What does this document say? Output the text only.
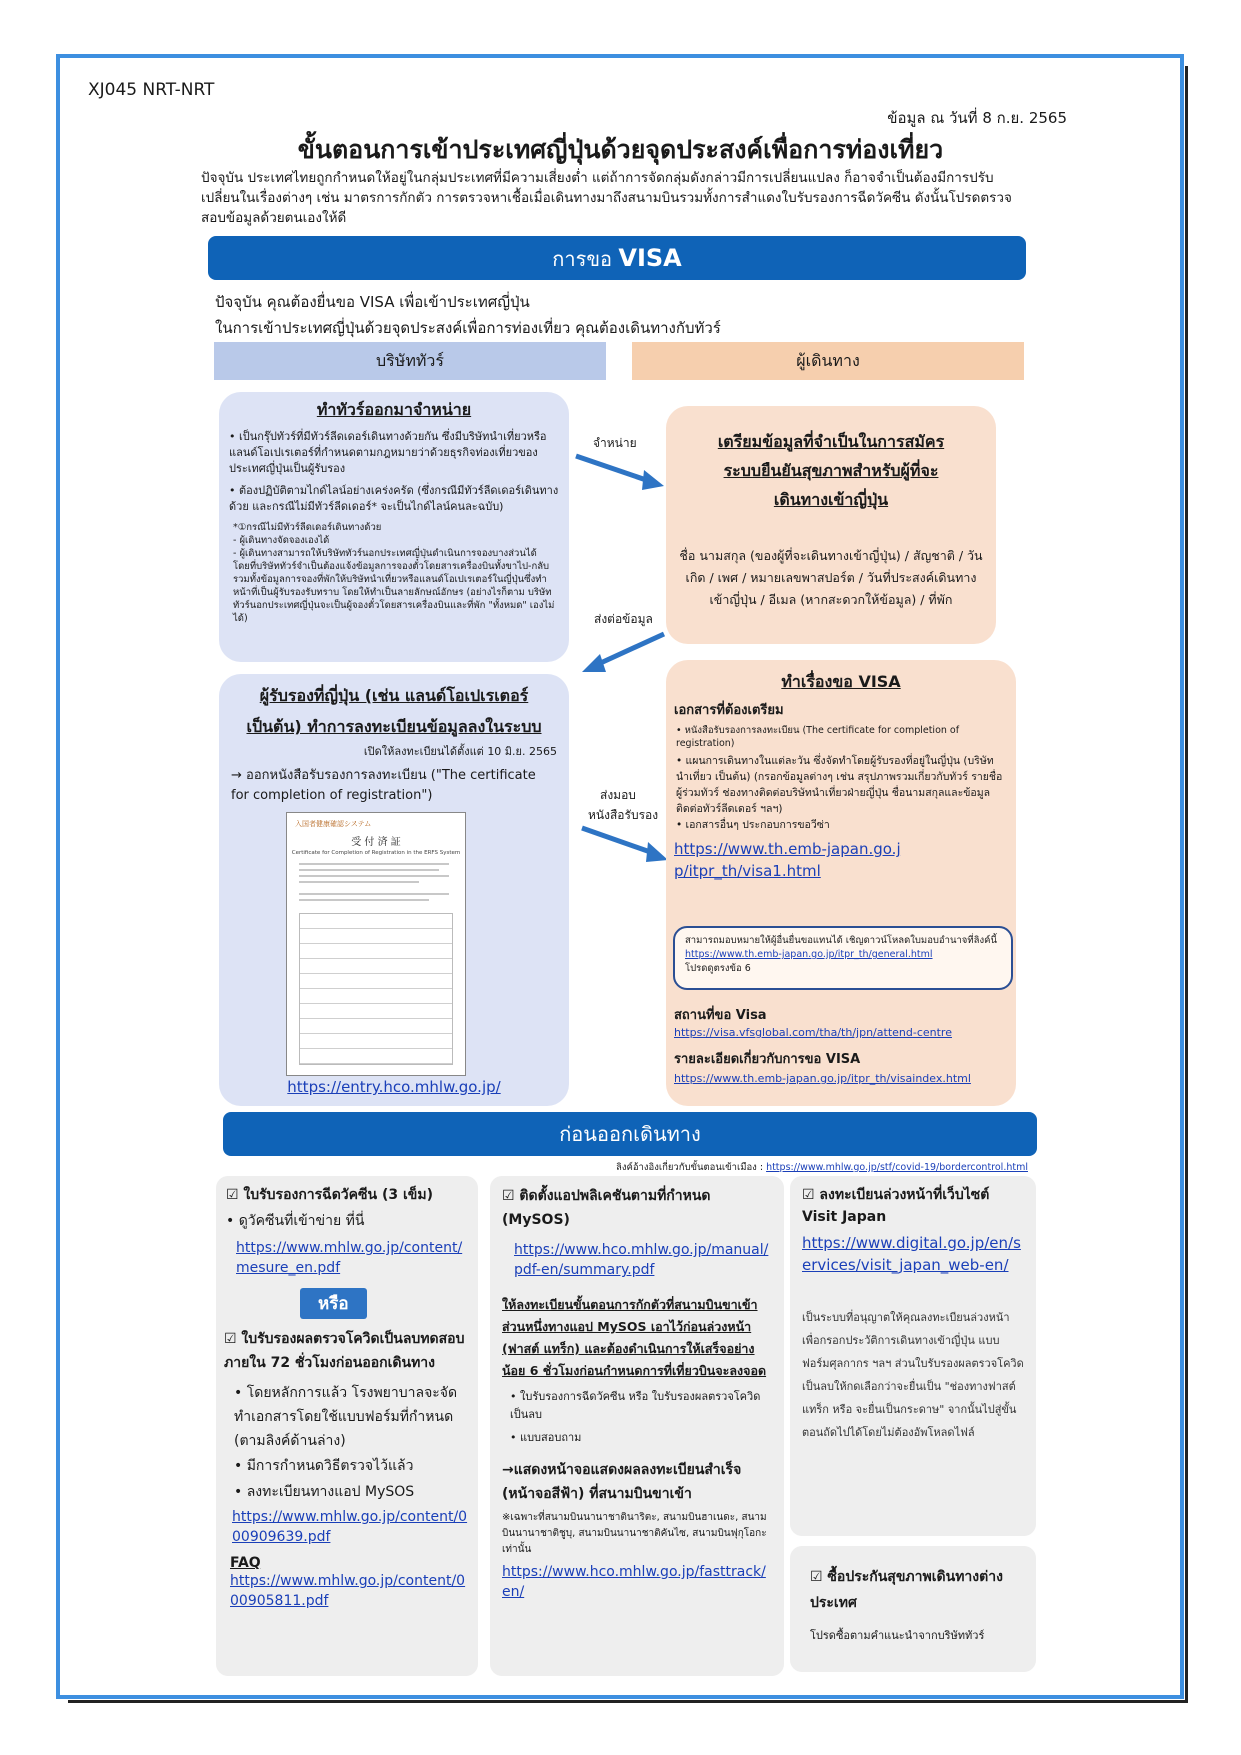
XJ045 NRT-NRT
ข้อมูล ณ วันที่ 8 ก.ย. 2565
ขั้นตอนการเข้าประเทศญี่ปุ่นด้วยจุดประสงค์เพื่อการท่องเที่ยว
ปัจจุบัน ประเทศไทยถูกกำหนดให้อยู่ในกลุ่มประเทศที่มีความเสี่ยงต่ำ แต่ถ้าการจัดกลุ่มดังกล่าวมีการเปลี่ยนแปลง ก็อาจจำเป็นต้องมีการปรับเปลี่ยนในเรื่องต่างๆ เช่น มาตรการกักตัว การตรวจหาเชื้อเมื่อเดินทางมาถึงสนามบินรวมทั้งการสำแดงใบรับรองการฉีดวัคซีน ดังนั้นโปรดตรวจสอบข้อมูลด้วยตนเองให้ดี
การขอ VISA
ปัจจุบัน คุณต้องยื่นขอ VISA เพื่อเข้าประเทศญี่ปุ่น
ในการเข้าประเทศญี่ปุ่นด้วยจุดประสงค์เพื่อการท่องเที่ยว คุณต้องเดินทางกับทัวร์
บริษัททัวร์	ผู้เดินทาง
ทำทัวร์ออกมาจำหน่าย
• เป็นกรุ๊ปทัวร์ที่มีทัวร์ลีดเดอร์เดินทางด้วยกัน ซึ่งมีบริษัทนำเที่ยวหรือแลนด์โอเปเรเตอร์ที่กำหนดตามกฎหมายว่าด้วยธุรกิจท่องเที่ยวของประเทศญี่ปุ่นเป็นผู้รับรอง
• ต้องปฏิบัติตามไกด์ไลน์อย่างเคร่งครัด (ซึ่งกรณีมีทัวร์ลีดเดอร์เดินทางด้วย และกรณีไม่มีทัวร์ลีดเดอร์* จะเป็นไกด์ไลน์คนละฉบับ)
*①กรณีไม่มีทัวร์ลีดเดอร์เดินทางด้วย
- ผู้เดินทางจัดจองเองได้
- ผู้เดินทางสามารถให้บริษัททัวร์นอกประเทศญี่ปุ่นดำเนินการจองบางส่วนได้ โดยที่บริษัททัวร์จำเป็นต้องแจ้งข้อมูลการจองตั๋วโดยสารเครื่องบินทั้งขาไป-กลับรวมทั้งข้อมูลการจองที่พักให้บริษัทนำเที่ยวหรือแลนด์โอเปเรเตอร์ในญี่ปุ่นซึ่งทำหน้าที่เป็นผู้รับรองรับทราบ โดยให้ทำเป็นลายลักษณ์อักษร (อย่างไรก็ตาม บริษัททัวร์นอกประเทศญี่ปุ่นจะเป็นผู้จองตั๋วโดยสารเครื่องบินและที่พัก "ทั้งหมด" เองไม่ได้)
จำหน่าย
ส่งต่อข้อมูล
ส่งมอบ
หนังสือรับรอง
เตรียมข้อมูลที่จำเป็นในการสมัคร
ระบบยืนยันสุขภาพสำหรับผู้ที่จะ
เดินทางเข้าญี่ปุ่น
ชื่อ นามสกุล (ของผู้ที่จะเดินทางเข้าญี่ปุ่น) / สัญชาติ / วันเกิด / เพศ / หมายเลขพาสปอร์ต / วันที่ประสงค์เดินทางเข้าญี่ปุ่น / อีเมล (หากสะดวกให้ข้อมูล) / ที่พัก
ผู้รับรองที่ญี่ปุ่น (เช่น แลนด์โอเปเรเตอร์
เป็นต้น) ทำการลงทะเบียนข้อมูลลงในระบบ
เปิดให้ลงทะเบียนได้ตั้งแต่ 10 มิ.ย. 2565
→ ออกหนังสือรับรองการลงทะเบียน ("The certificate for completion of registration")
https://entry.hco.mhlw.go.jp/
入国者健康確認システム
受 付 済 証
Certificate for Completion of Registration in the ERFS System
ทำเรื่องขอ VISA
เอกสารที่ต้องเตรียม
• หนังสือรับรองการลงทะเบียน (The certificate for completion of registration)
• แผนการเดินทางในแต่ละวัน ซึ่งจัดทำโดยผู้รับรองที่อยู่ในญี่ปุ่น (บริษัทนำเที่ยว เป็นต้น) (กรอกข้อมูลต่างๆ เช่น สรุปภาพรวมเกี่ยวกับทัวร์ รายชื่อผู้ร่วมทัวร์ ช่องทางติดต่อบริษัทนำเที่ยวฝ่ายญี่ปุ่น ชื่อนามสกุลและข้อมูลติดต่อทัวร์ลีดเดอร์ ฯลฯ)
• เอกสารอื่นๆ ประกอบการขอวีซ่า
https://www.th.emb-japan.go.jp/itpr_th/visa1.html
สถานที่ขอ Visa
https://visa.vfsglobal.com/tha/th/jpn/attend-centre
รายละเอียดเกี่ยวกับการขอ VISA
https://www.th.emb-japan.go.jp/itpr_th/visaindex.html
สามารถมอบหมายให้ผู้อื่นยื่นขอแทนได้ เชิญดาวน์โหลดใบมอบอำนาจที่ลิงค์นี้
https://www.th.emb-japan.go.jp/itpr_th/general.html
โปรดดูตรงข้อ 6
ก่อนออกเดินทาง
ลิงค์อ้างอิงเกี่ยวกับขั้นตอนเข้าเมือง : https://www.mhlw.go.jp/stf/covid-19/bordercontrol.html
☑ ใบรับรองการฉีดวัคซีน (3 เข็ม)
• ดูวัคซีนที่เข้าข่าย ที่นี่
https://www.mhlw.go.jp/content/mesure_en.pdf
หรือ
☑ ใบรับรองผลตรวจโควิดเป็นลบทดสอบภายใน 72 ชั่วโมงก่อนออกเดินทาง
• โดยหลักการแล้ว โรงพยาบาลจะจัดทำเอกสารโดยใช้แบบฟอร์มที่กำหนด (ตามลิงค์ด้านล่าง)
• มีการกำหนดวิธีตรวจไว้แล้ว
• ลงทะเบียนทางแอป MySOS
https://www.mhlw.go.jp/content/000909639.pdf
FAQ
https://www.mhlw.go.jp/content/000905811.pdf
☑ ติดตั้งแอปพลิเคชันตามที่กำหนด (MySOS)
https://www.hco.mhlw.go.jp/manual/pdf-en/summary.pdf
ให้ลงทะเบียนขั้นตอนการกักตัวที่สนามบินขาเข้าส่วนหนึ่งทางแอป MySOS เอาไว้ก่อนล่วงหน้า (ฟาสต์ แทร็ก) และต้องดำเนินการให้เสร็จอย่างน้อย 6 ชั่วโมงก่อนกำหนดการที่เที่ยวบินจะลงจอด
• ใบรับรองการฉีดวัคซีน หรือ ใบรับรองผลตรวจโควิดเป็นลบ
• แบบสอบถาม
→แสดงหน้าจอแสดงผลลงทะเบียนสำเร็จ (หน้าจอสีฟ้า) ที่สนามบินขาเข้า
※เฉพาะที่สนามบินนานาชาตินาริตะ, สนามบินฮาเนดะ, สนามบินนานาชาติชูบุ, สนามบินนานาชาติคันไซ, สนามบินฟุกุโอกะเท่านั้น
https://www.hco.mhlw.go.jp/fasttrack/en/
☑ ลงทะเบียนล่วงหน้าที่เว็บไซต์ Visit Japan
https://www.digital.go.jp/en/services/visit_japan_web-en/
เป็นระบบที่อนุญาตให้คุณลงทะเบียนล่วงหน้าเพื่อกรอกประวัติการเดินทางเข้าญี่ปุ่น แบบฟอร์มศุลกากร ฯลฯ ส่วนใบรับรองผลตรวจโควิดเป็นลบให้กดเลือกว่าจะยื่นเป็น "ช่องทางฟาสต์ แทร็ก หรือ จะยื่นเป็นกระดาษ" จากนั้นไปสู่ขั้นตอนถัดไปได้โดยไม่ต้องอัพโหลดไฟล์
☑ ซื้อประกันสุขภาพเดินทางต่างประเทศ
โปรดซื้อตามคำแนะนำจากบริษัททัวร์
